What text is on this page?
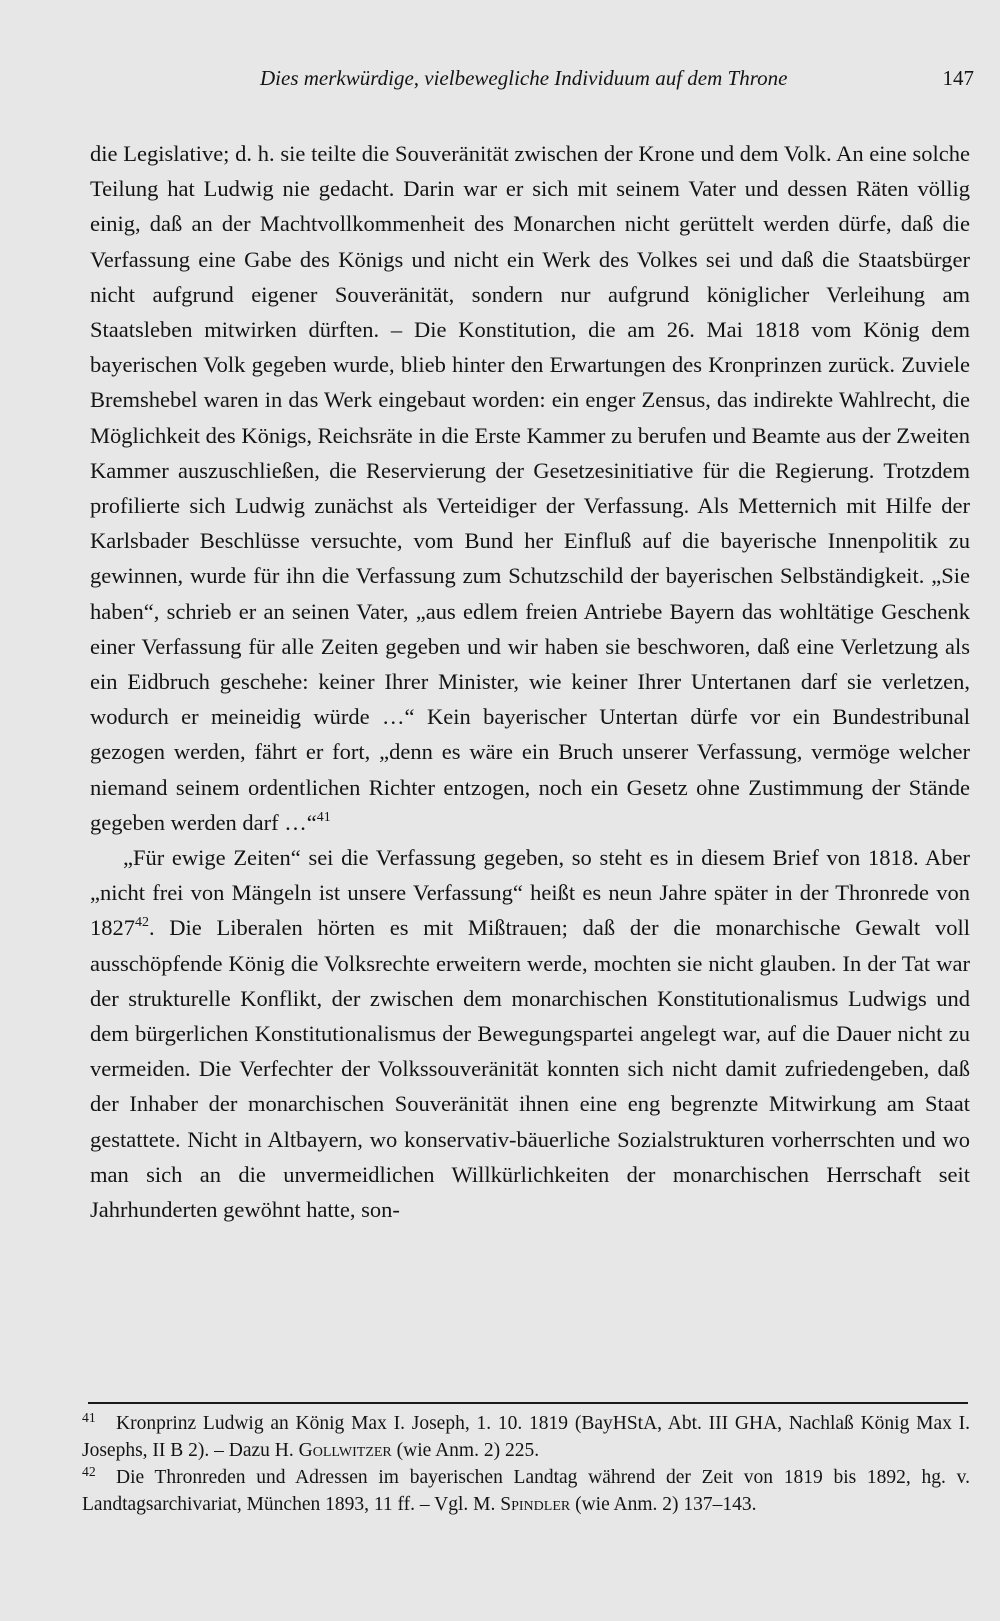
Dies merkwürdige, vielbewegliche Individuum auf dem Throne	147

die Legislative; d. h. sie teilte die Souveränität zwischen der Krone und dem Volk. An eine solche Teilung hat Ludwig nie gedacht. Darin war er sich mit seinem Vater und dessen Räten völlig einig, daß an der Machtvollkommenheit des Monarchen nicht gerüttelt werden dürfe, daß die Verfassung eine Gabe des Königs und nicht ein Werk des Volkes sei und daß die Staatsbürger nicht aufgrund eigener Souveränität, sondern nur aufgrund königlicher Verleihung am Staatsleben mitwirken dürften. – Die Konstitution, die am 26. Mai 1818 vom König dem bayerischen Volk gegeben wurde, blieb hinter den Erwartungen des Kronprinzen zurück. Zuviele Bremshebel waren in das Werk eingebaut worden: ein enger Zensus, das indirekte Wahlrecht, die Möglichkeit des Königs, Reichsräte in die Erste Kammer zu berufen und Beamte aus der Zweiten Kammer auszuschließen, die Reservierung der Gesetzesinitiative für die Regierung. Trotzdem profilierte sich Ludwig zunächst als Verteidiger der Verfassung. Als Metternich mit Hilfe der Karlsbader Beschlüsse versuchte, vom Bund her Einfluß auf die bayerische Innenpolitik zu gewinnen, wurde für ihn die Verfassung zum Schutzschild der bayerischen Selbständigkeit. „Sie haben“, schrieb er an seinen Vater, „aus edlem freien Antriebe Bayern das wohltätige Geschenk einer Verfassung für alle Zeiten gegeben und wir haben sie beschworen, daß eine Verletzung als ein Eidbruch geschehe: keiner Ihrer Minister, wie keiner Ihrer Untertanen darf sie verletzen, wodurch er meineidig würde …“ Kein bayerischer Untertan dürfe vor ein Bundestribunal gezogen werden, fährt er fort, „denn es wäre ein Bruch unserer Verfassung, vermöge welcher niemand seinem ordentlichen Richter entzogen, noch ein Gesetz ohne Zustimmung der Stände gegeben werden darf …“$^{41}$

„Für ewige Zeiten“ sei die Verfassung gegeben, so steht es in diesem Brief von 1818. Aber „nicht frei von Mängeln ist unsere Verfassung“ heißt es neun Jahre später in der Thronrede von 1827$^{42}$. Die Liberalen hörten es mit Mißtrauen; daß der die monarchische Gewalt voll ausschöpfende König die Volksrechte erweitern werde, mochten sie nicht glauben. In der Tat war der strukturelle Konflikt, der zwischen dem monarchischen Konstitutionalismus Ludwigs und dem bürgerlichen Konstitutionalismus der Bewegungspartei angelegt war, auf die Dauer nicht zu vermeiden. Die Verfechter der Volkssouveränität konnten sich nicht damit zufriedengeben, daß der Inhaber der monarchischen Souveränität ihnen eine eng begrenzte Mitwirkung am Staat gestattete. Nicht in Altbayern, wo konservativ-bäuerliche Sozialstrukturen vorherrschten und wo man sich an die unvermeidlichen Willkürlichkeiten der monarchischen Herrschaft seit Jahrhunderten gewöhnt hatte, son-

41 Kronprinz Ludwig an König Max I. Joseph, 1. 10. 1819 (BayHStA, Abt. III GHA, Nachlaß König Max I. Josephs, II B 2). – Dazu H. Gollwitzer (wie Anm. 2) 225.

42 Die Thronreden und Adressen im bayerischen Landtag während der Zeit von 1819 bis 1892, hg. v. Landtagsarchivariat, München 1893, 11 ff. – Vgl. M. Spindler (wie Anm. 2) 137–143.
